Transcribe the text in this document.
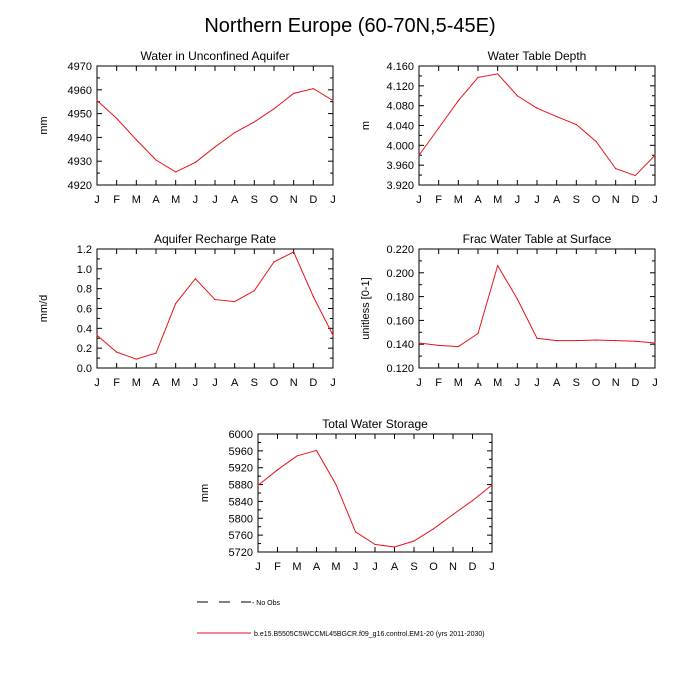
Northern Europe (60-70N,5-45E)
Water in Unconfined Aquifer
mm
4970
4960
4950
4940
4930
4920
J F M A M J J A S O N D J
Water Table Depth
m
4.160
4.120
4.080
4.040
4.000
3.960
3.920
J F M A M J J A S O N D J
Aquifer Recharge Rate
mm/d
1.2
1.0
0.8
0.6
0.4
0.2
0.0
J F M A M J J A S O N D J
Frac Water Table at Surface
unitless [0-1]
0.220
0.200
0.180
0.160
0.140
0.120
J F M A M J J A S O N D J
Total Water Storage
mm
6000
5960
5920
5880
5840
5800
5760
5720
J F M A M J J A S O N D J
- No Obs
b.e15.B5505C5WCCML45BGCR.f09_g16.control.EM1-20 (yrs 2011-2030)
